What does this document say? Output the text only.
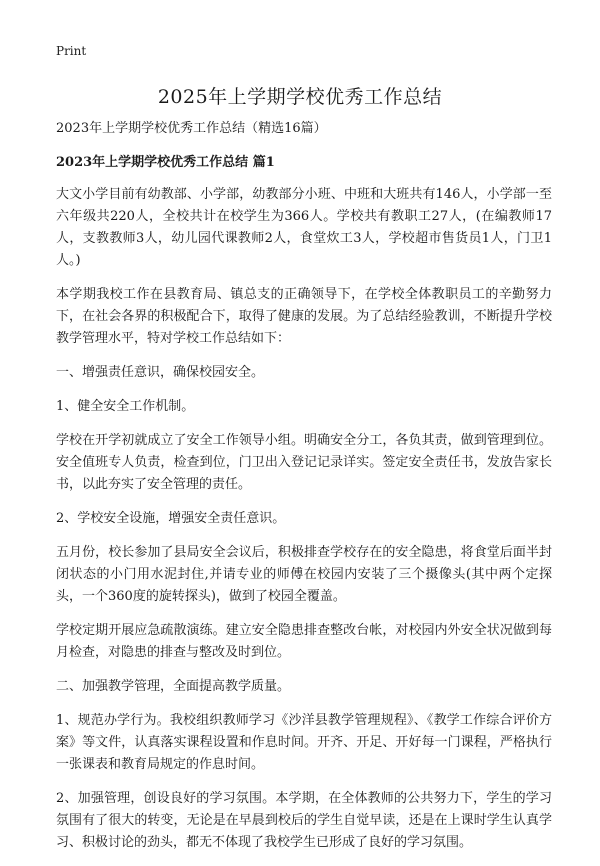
Print
2025年上学期学校优秀工作总结

2023年上学期学校优秀工作总结（精选16篇）

2023年上学期学校优秀工作总结 篇1

大文小学目前有幼教部、小学部，幼教部分小班、中班和大班共有146人，小学部一至六年级共220人，全校共计在校学生为366人。学校共有教职工27人，(在编教师17人，支教教师3人，幼儿园代课教师2人，食堂炊工3人，学校超市售货员1人，门卫1人。)

本学期我校工作在县教育局、镇总支的正确领导下，在学校全体教职员工的辛勤努力下，在社会各界的积极配合下，取得了健康的发展。为了总结经验教训，不断提升学校教学管理水平，特对学校工作总结如下：

一、增强责任意识，确保校园安全。

1、健全安全工作机制。

学校在开学初就成立了安全工作领导小组。明确安全分工，各负其责，做到管理到位。安全值班专人负责，检查到位，门卫出入登记记录详实。签定安全责任书，发放告家长书，以此夯实了安全管理的责任。

2、学校安全设施，增强安全责任意识。

五月份，校长参加了县局安全会议后，积极排查学校存在的安全隐患，将食堂后面半封闭状态的小门用水泥封住,并请专业的师傅在校园内安装了三个摄像头(其中两个定探头，一个360度的旋转探头)，做到了校园全覆盖。

学校定期开展应急疏散演练。建立安全隐患排查整改台帐，对校园内外安全状况做到每月检查，对隐患的排查与整改及时到位。

二、加强教学管理，全面提高教学质量。

1、规范办学行为。我校组织教师学习《沙洋县教学管理规程》、《教学工作综合评价方案》等文件，认真落实课程设置和作息时间。开齐、开足、开好每一门课程，严格执行一张课表和教育局规定的作息时间。

2、加强管理，创设良好的学习氛围。本学期，在全体教师的公共努力下，学生的学习氛围有了很大的转变，无论是在早晨到校后的学生自觉早读，还是在上课时学生认真学习、积极讨论的劲头，都无不体现了我校学生已形成了良好的学习氛围。
